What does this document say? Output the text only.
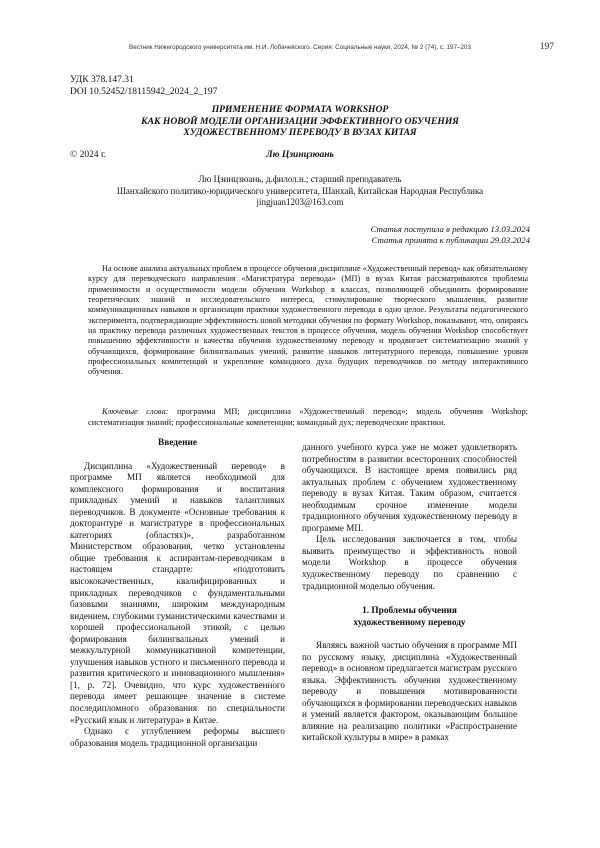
Вестник Нижегородского университета им. Н.И. Лобачевского. Серия: Социальные науки, 2024, № 2 (74), с. 197–203	197
УДК 378.147.31
DOI 10.52452/18115942_2024_2_197
ПРИМЕНЕНИЕ ФОРМАТА WORKSHOP
КАК НОВОЙ МОДЕЛИ ОРГАНИЗАЦИИ ЭФФЕКТИВНОГО ОБУЧЕНИЯ
ХУДОЖЕСТВЕННОМУ ПЕРЕВОДУ В ВУЗАХ КИТАЯ
© 2024 г.	Лю Цзинцзюань
Лю Цзинцзюань, д.филол.н.; старший преподаватель
Шанхайского политико-юридического университета, Шанхай, Китайская Народная Республика
jingjuan1203@163.com
Статья поступила в редакцию 13.03.2024
Статья принята к публикации 29.03.2024

На основе анализа актуальных проблем в процессе обучения дисциплине «Художественный перевод» как обязательному курсу для переводческого направления «Магистратура перевода» (МП) в вузах Китая рассматриваются проблемы применимости и осуществимости модели обучения Workshop в классах, позволяющей объединить формирование теоретических знаний и исследовательского интереса, стимулирование творческого мышления, развитие коммуникационных навыков и организации практики художественного перевода в одно целое. Результаты педагогического эксперимента, подтверждающие эффективность новой методики обучения по формату Workshop, показывают, что, опираясь на практику перевода различных художественных текстов в процессе обучения, модель обучения Workshop способствует повышению эффективности и качества обучения художественному переводу и продвигает систематизацию знаний у обучающихся, формирование билингвальных умений, развитие навыков литературного перевода, повышение уровня профессиональных компетенций и укрепление командного духа будущих переводчиков по методу интерактивного обучения.

Ключевые слова: программа МП; дисциплина «Художественный перевод»; модель обучения Workshop; систематизация знаний; профессиональные компетенции; командный дух; переводческие практики.

Введение

Дисциплина «Художественный перевод» в программе МП является необходимой для комплексного формирования и воспитания прикладных умений и навыков талантливых переводчиков. В документе «Основные требования к докторантуре и магистратуре в профессиональных категориях (областях)», разработанном Министерством образования, четко установлены общие требования к аспирантам-переводчикам в настоящем стандарте: «подготовить высококачественных, квалифицированных и прикладных переводчиков с фундаментальными базовыми знаниями, широким международным видением, глубокими гуманистическими качествами и хорошей профессиональной этикой, с целью формирования билингвальных умений и межкультурной коммуникативной компетенции, улучшения навыков устного и письменного перевода и развития критического и инновационного мышления» [1, р. 72]. Очевидно, что курс художественного перевода имеет решающее значение в системе последипломного образования по специальности «Русский язык и литература» в Китае.

Однако с углублением реформы высшего образования модель традиционной организации

данного учебного курса уже не может удовлетворять потребностям в развитии всесторонних способностей обучающихся. В настоящее время появились ряд актуальных проблем с обучением художественному переводу в вузах Китая. Таким образом, считается необходимым срочное изменение модели традиционного обучения художественному переводу в программе МП.

Цель исследования заключается в том, чтобы выявить преимущество и эффективность новой модели Workshop в процессе обучения художественному переводу по сравнению с традиционной моделью обучения.

1. Проблемы обучения
художественному переводу

Являясь важной частью обучения в программе МП по русскому языку, дисциплина «Художественный перевод» в основном предлагается магистрам русского языка. Эффективность обучения художественному переводу и повышения мотивированности обучающихся в формировании переводческих навыков и умений является фактором, оказывающим большое влияние на реализацию политики «Распространение китайской культуры в мире» в рамках
